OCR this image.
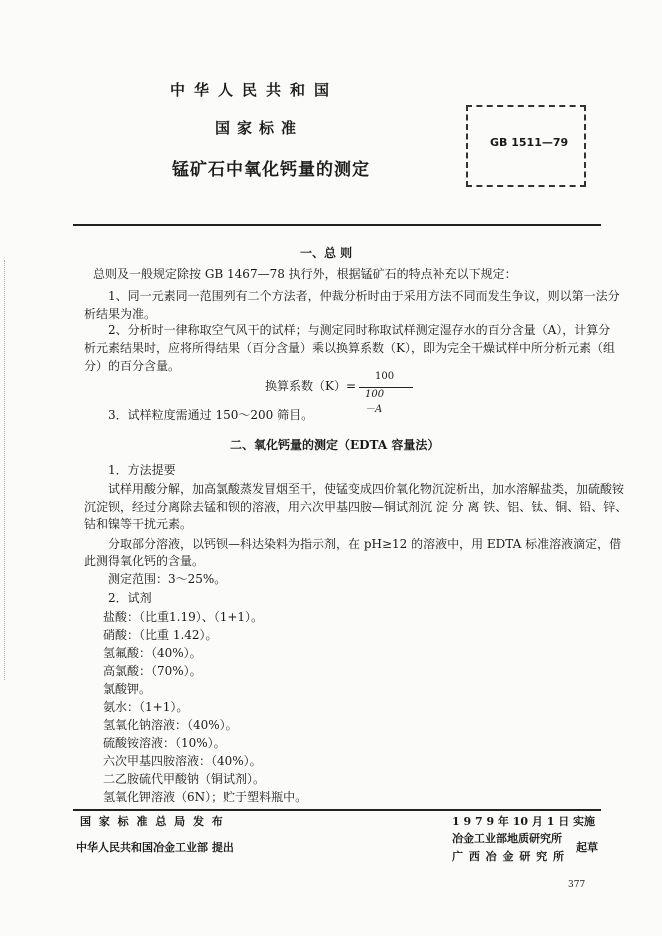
中华人民共和国
国家标准
锰矿石中氧化钙量的测定
GB 1511—79
一、总 则
总则及一般规定除按 GB 1467—78 执行外，根据锰矿石的特点补充以下规定：
1、同一元素同一范围列有二个方法者，仲裁分析时由于采用方法不同而发生争议，则以第一法分
析结果为准。
2、分析时一律称取空气风干的试样；与测定同时称取试样测定湿存水的百分含量（A），计算分
析元素结果时，应将所得结果（百分含量）乘以换算系数（K），即为完全干燥试样中所分析元素（组
分）的百分含量。
换算系数（K）=
100
100－A
3．试样粒度需通过 150～200 筛目。
二、氧化钙量的测定（EDTA 容量法）
1．方法提要
试样用酸分解，加高氯酸蒸发冒烟至干，使锰变成四价氧化物沉淀析出，加水溶解盐类，加硫酸铵
沉淀钡，经过分离除去锰和钡的溶液，用六次甲基四胺—铜试剂沉 淀 分 离 铁、铝、钛、铜、铅、锌、
钴和镍等干扰元素。
分取部分溶液，以钙钡—科达染料为指示剂，在 pH≥12 的溶液中，用 EDTA 标准溶液滴定，借
此测得氧化钙的含量。
测定范围：3～25%。
2．试剂
盐酸：（比重1.19）、（1+1）。
硝酸：（比重 1.42）。
氢氟酸：（40%）。
高氯酸：（70%）。
氯酸钾。
氨水：（1+1）。
氢氧化钠溶液：（40%）。
硫酸铵溶液：（10%）。
六次甲基四胺溶液：（40%）。
二乙胺硫代甲酸钠（铜试剂）。
氢氧化钾溶液（6N）；贮于塑料瓶中。
国 家 标 准 总 局 发 布
中华人民共和国冶金工业部 提出
1 9 7 9 年 10 月 1 日 实施
冶金工业部地质研究所
广 西 冶 金 研 究 所
起草
377
